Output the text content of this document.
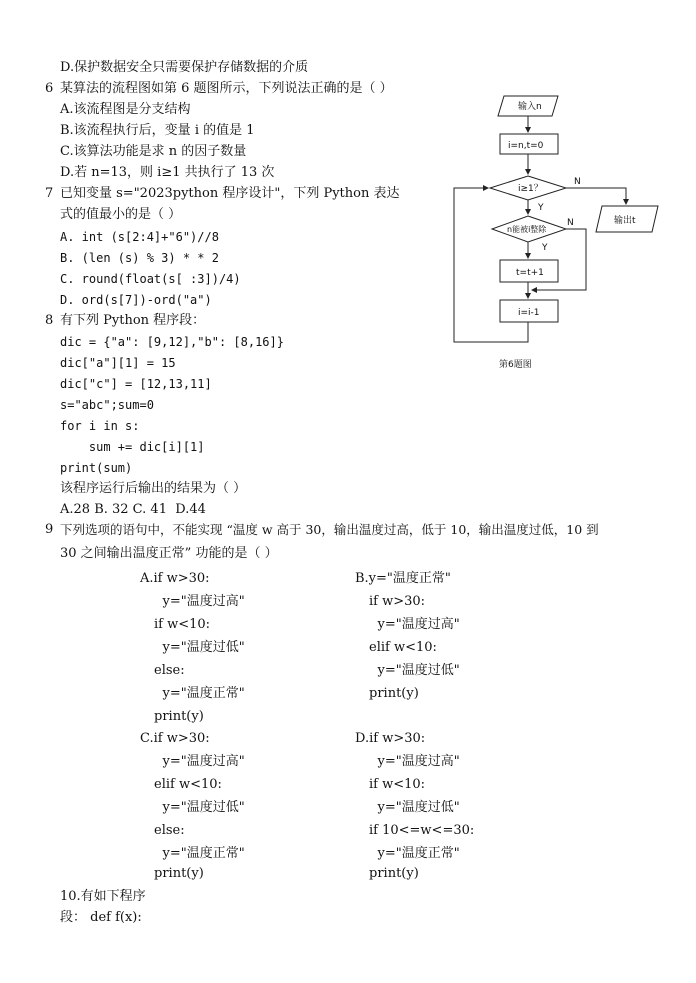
D.保护数据安全只需要保护存储数据的介质
6 某算法的流程图如第 6 题图所示，下列说法正确的是（ ）
A.该流程图是分支结构
B.该流程执行后，变量 i 的值是 1
C.该算法功能是求 n 的因子数量
D.若 n=13，则 i≥1 共执行了 13 次
输入n
i=n,t=0
i≥1？
N
Y
n能被i整除
N
Y
t=t+1
i=i-1
输出t
第6题图
7 已知变量 s="2023python 程序设计"，下列 Python 表达
式的值最小的是（ ）
A. int (s[2:4]+"6")//8
B. (len (s) % 3) * * 2
C. round(float(s[ :3])/4)
D. ord(s[7])-ord("a")
8 有下列 Python 程序段：
dic = {"a": [9,12],"b": [8,16]}
dic["a"][1] = 15
dic["c"] = [12,13,11]
s="abc";sum=0
for i in s:
sum += dic[i][1]
print(sum)
该程序运行后输出的结果为（ ）
A.28 B. 32 C. 41  D.44
9 下列选项的语句中，不能实现 “温度 w 高于 30，输出温度过高，低于 10，输出温度过低，10 到
30 之间输出温度正常” 功能的是（ ）
A.if w>30:
y="温度过高"
if w<10:
y="温度过低"
else:
y="温度正常"
print(y)
B.y="温度正常"
if w>30:
y="温度过高"
elif w<10:
y="温度过低"
print(y)
C.if w>30:
y="温度过高"
elif w<10:
y="温度过低"
else:
y="温度正常"
print(y)
D.if w>30:
y="温度过高"
if w<10:
y="温度过低"
if 10<=w<=30:
y="温度正常"
print(y)
10.有如下程序
段： def f(x):
